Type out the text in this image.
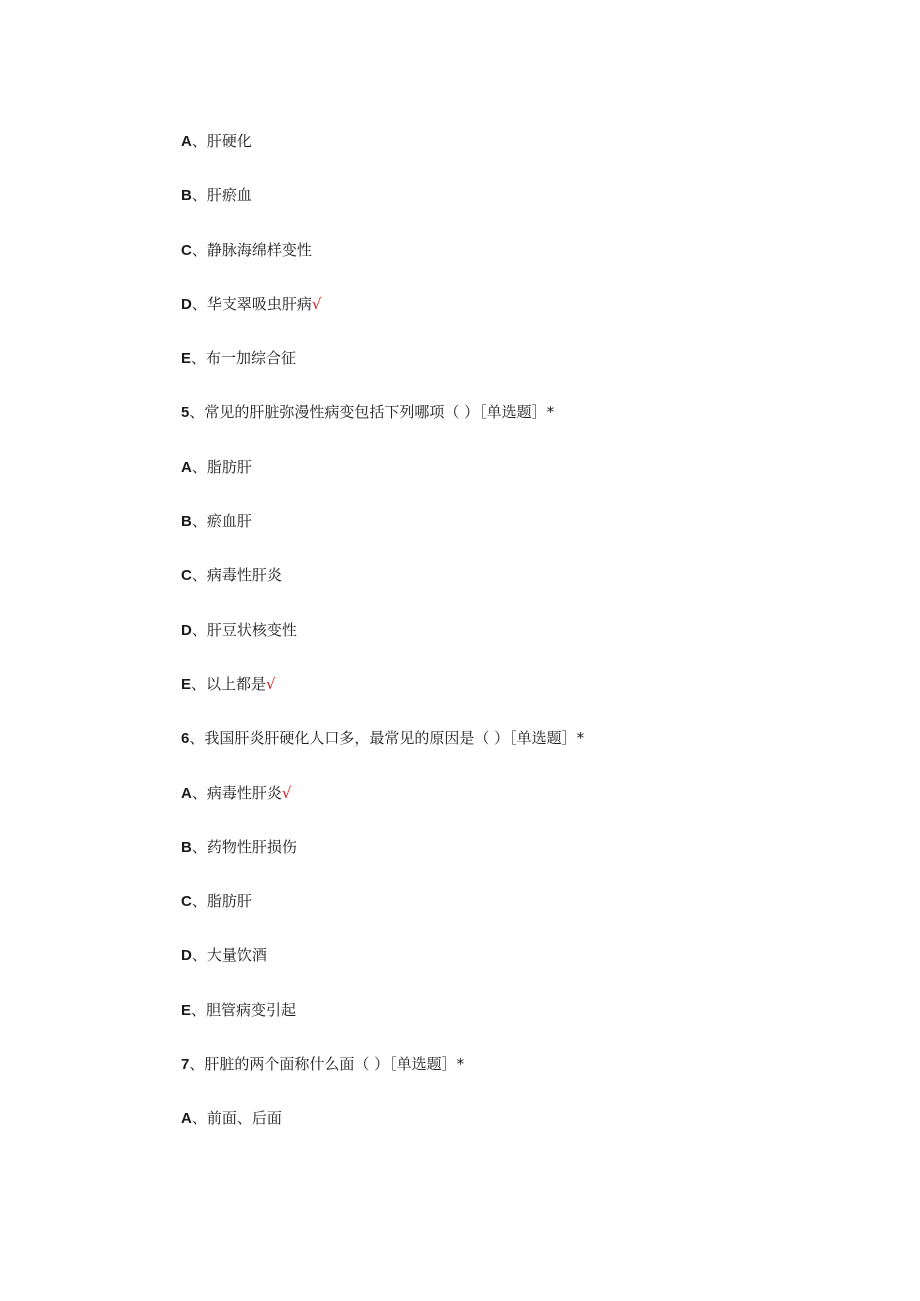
A、肝硬化
B、肝瘀血
C、静脉海绵样变性
D、华支翠吸虫肝病√
E、布一加综合征
5、常见的肝脏弥漫性病变包括下列哪项（ ）［单选题］*
A、脂肪肝
B、瘀血肝
C、病毒性肝炎
D、肝豆状核变性
E、以上都是√
6、我国肝炎肝硬化人口多，最常见的原因是（ ）［单选题］*
A、病毒性肝炎√
B、药物性肝损伤
C、脂肪肝
D、大量饮酒
E、胆管病变引起
7、肝脏的两个面称什么面（ ）［单选题］*
A、前面、后面
